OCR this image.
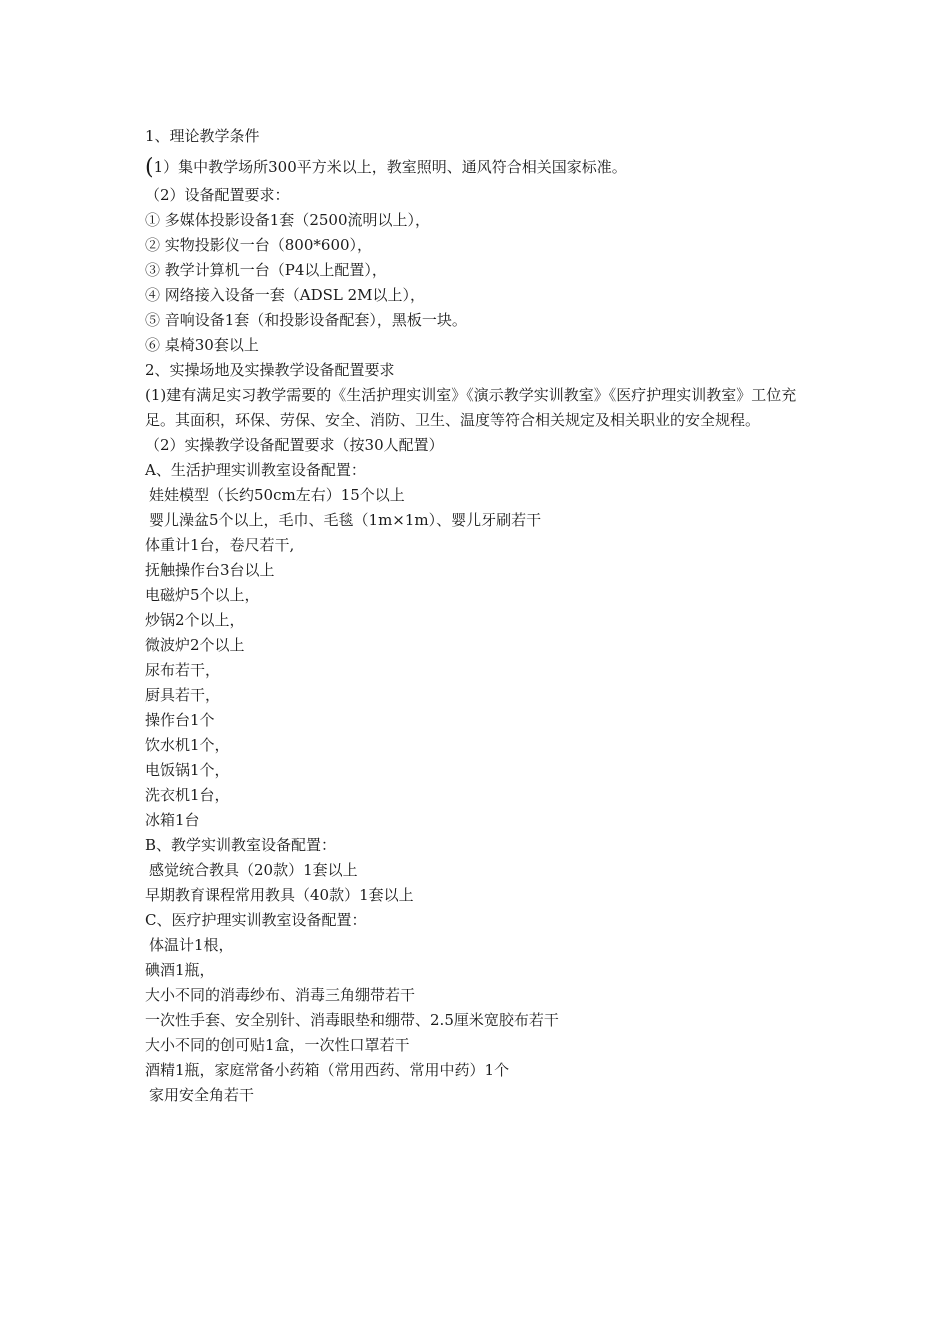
1、理论教学条件
(1）集中教学场所300平方米以上，教室照明、通风符合相关国家标准。
（2）设备配置要求：
① 多媒体投影设备1套（2500流明以上），
② 实物投影仪一台（800*600），
③ 教学计算机一台（P4以上配置），
④ 网络接入设备一套（ADSL 2M以上），
⑤ 音响设备1套（和投影设备配套），黑板一块。
⑥ 桌椅30套以上
2、实操场地及实操教学设备配置要求
(1)建有满足实习教学需要的《生活护理实训室》《演示教学实训教室》《医疗护理实训教室》工位充足。其面积，环保、劳保、安全、消防、卫生、温度等符合相关规定及相关职业的安全规程。
（2）实操教学设备配置要求（按30人配置）
A、生活护理实训教室设备配置：
娃娃模型（长约50cm左右）15个以上
婴儿澡盆5个以上，毛巾、毛毯（1m×1m）、婴儿牙刷若干
体重计1台，卷尺若干,
抚触操作台3台以上
电磁炉5个以上，
炒锅2个以上，
微波炉2个以上
尿布若干，
厨具若干，
操作台1个
饮水机1个，
电饭锅1个，
洗衣机1台，
冰箱1台
B、教学实训教室设备配置：
感觉统合教具（20款）1套以上
早期教育课程常用教具（40款）1套以上
C、医疗护理实训教室设备配置：
体温计1根，
碘酒1瓶，
大小不同的消毒纱布、消毒三角绷带若干
一次性手套、安全别针、消毒眼垫和绷带、2.5厘米宽胶布若干
大小不同的创可贴1盒，一次性口罩若干
酒精1瓶，家庭常备小药箱（常用西药、常用中药）1个
家用安全角若干
